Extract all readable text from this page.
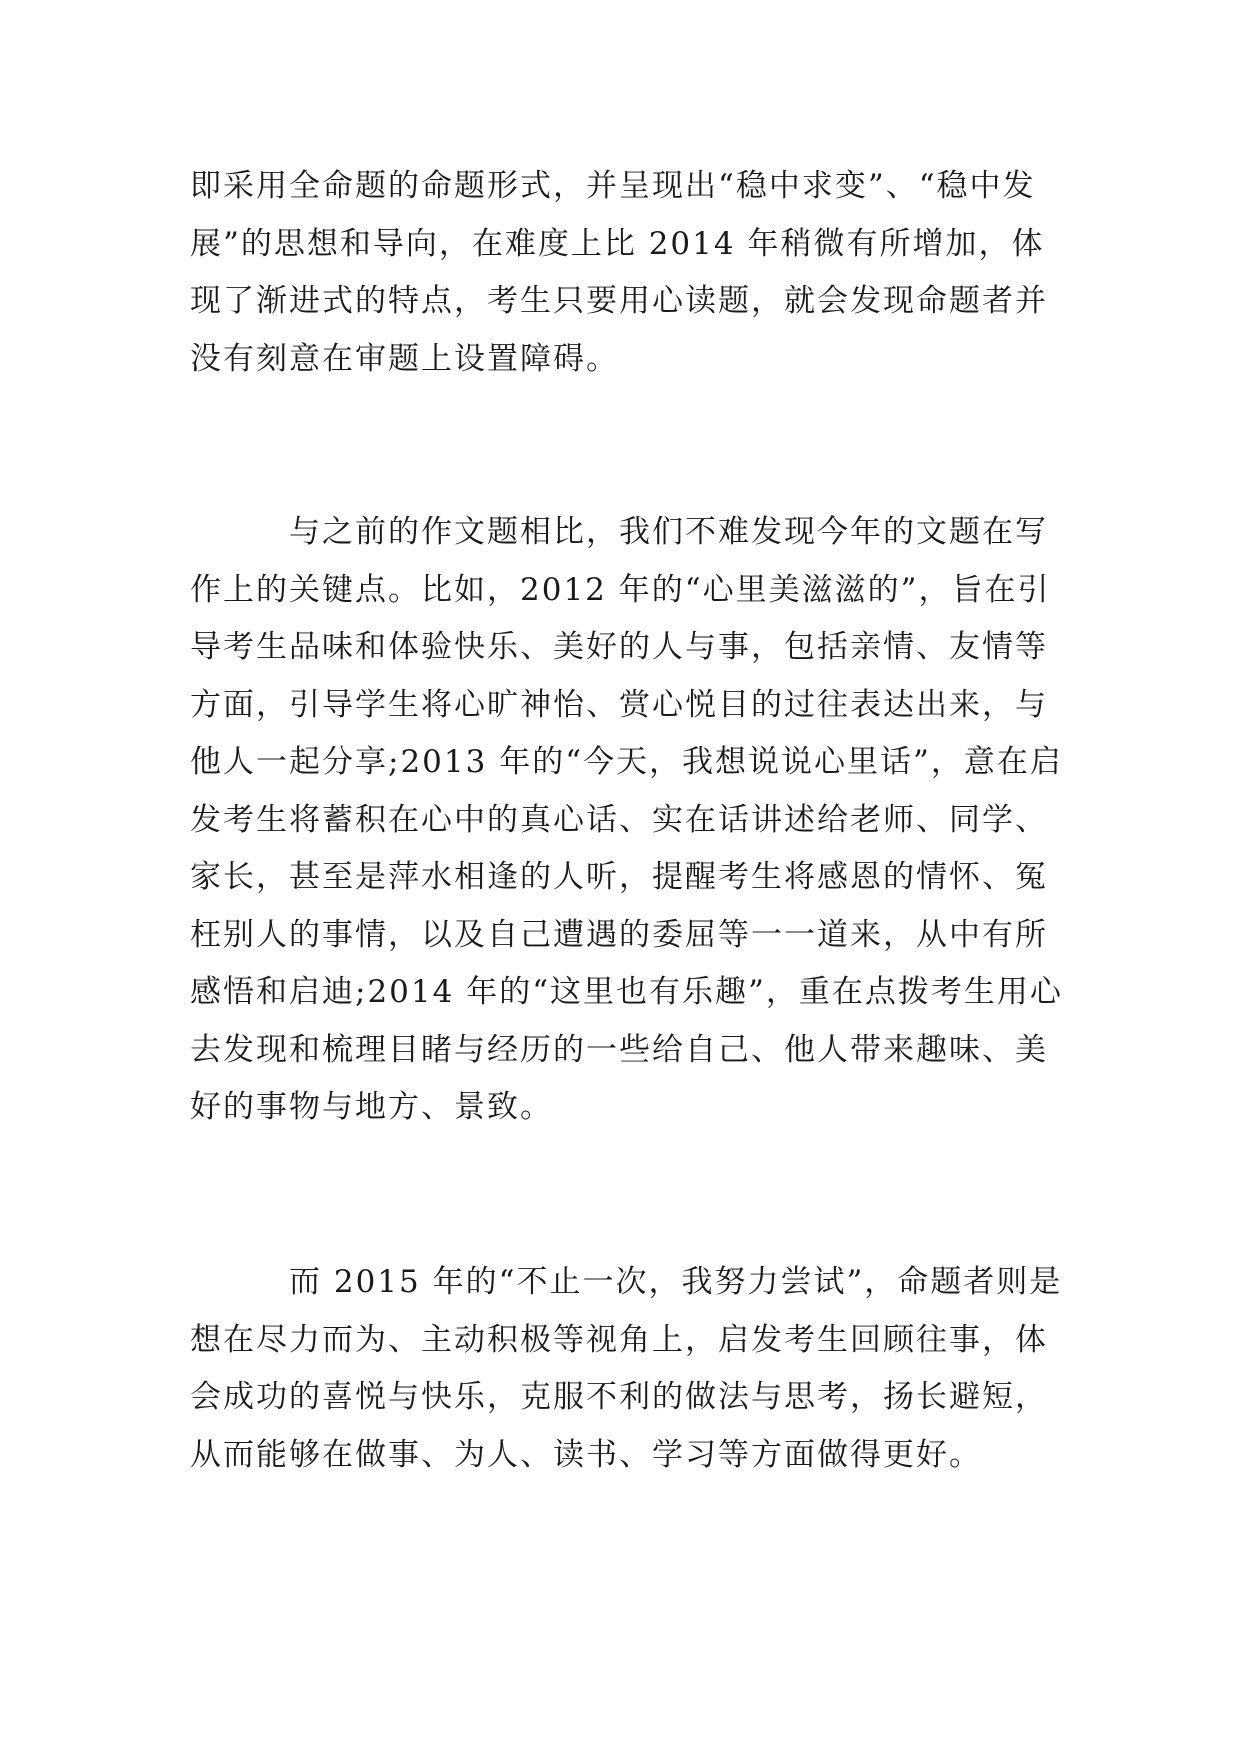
即采用全命题的命题形式，并呈现出“稳中求变”、“稳中发
展”的思想和导向，在难度上比 2014 年稍微有所增加，体
现了渐进式的特点，考生只要用心读题，就会发现命题者并
没有刻意在审题上设置障碍。
　　　与之前的作文题相比，我们不难发现今年的文题在写
作上的关键点。比如，2012 年的“心里美滋滋的”，旨在引
导考生品味和体验快乐、美好的人与事，包括亲情、友情等
方面，引导学生将心旷神怡、赏心悦目的过往表达出来，与
他人一起分享;2013 年的“今天，我想说说心里话”，意在启
发考生将蓄积在心中的真心话、实在话讲述给老师、同学、
家长，甚至是萍水相逢的人听，提醒考生将感恩的情怀、冤
枉别人的事情，以及自己遭遇的委屈等一一道来，从中有所
感悟和启迪;2014 年的“这里也有乐趣”，重在点拨考生用心
去发现和梳理目睹与经历的一些给自己、他人带来趣味、美
好的事物与地方、景致。
　　　而 2015 年的“不止一次，我努力尝试”，命题者则是
想在尽力而为、主动积极等视角上，启发考生回顾往事，体
会成功的喜悦与快乐，克服不利的做法与思考，扬长避短，
从而能够在做事、为人、读书、学习等方面做得更好。
